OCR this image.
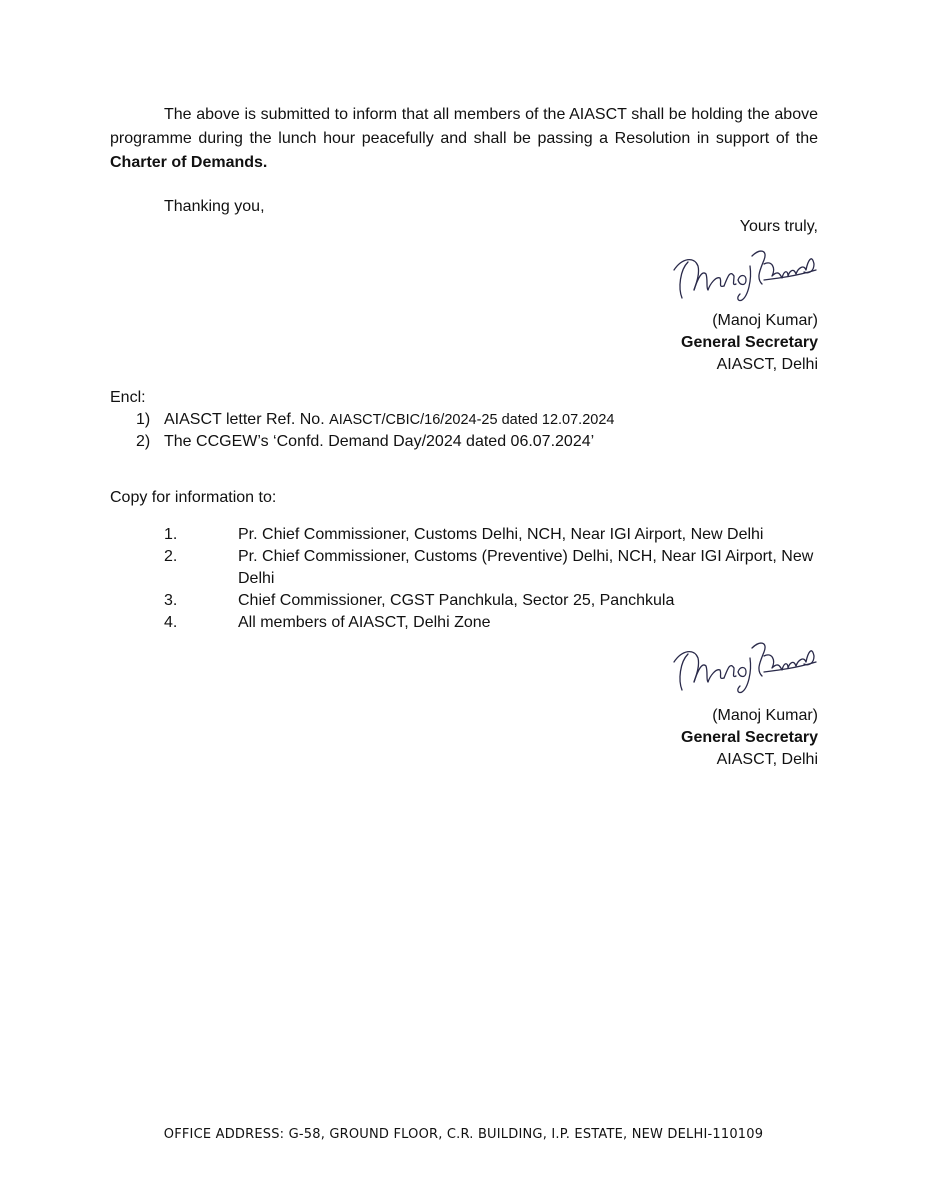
The above is submitted to inform that all members of the AIASCT shall be holding the above programme during the lunch hour peacefully and shall be passing a Resolution in support of the Charter of Demands.

Thanking you,

Yours truly,
(Manoj Kumar)
General Secretary
AIASCT, Delhi
Encl:
1) AIASCT letter Ref. No. AIASCT/CBIC/16/2024-25 dated 12.07.2024
2) The CCGEW’s ‘Confd. Demand Day/2024 dated 06.07.2024’
Copy for information to:
1.	Pr. Chief Commissioner, Customs Delhi, NCH, Near IGI Airport, New Delhi
2.	Pr. Chief Commissioner, Customs (Preventive) Delhi, NCH, Near IGI Airport, New Delhi
3.	Chief Commissioner, CGST Panchkula, Sector 25, Panchkula
4.	All members of AIASCT, Delhi Zone
(Manoj Kumar)
General Secretary
AIASCT, Delhi
OFFICE ADDRESS: G-58, GROUND FLOOR, C.R. BUILDING, I.P. ESTATE, NEW DELHI-110109
